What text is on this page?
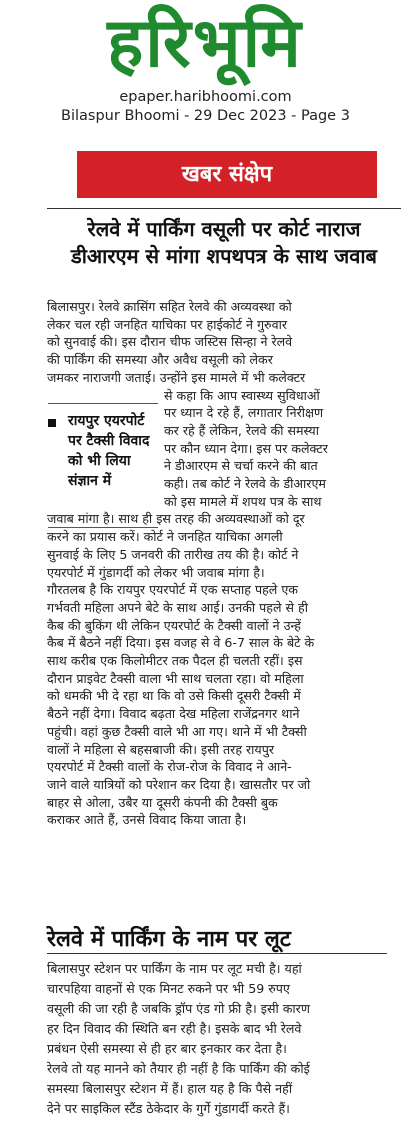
हरिभूमि
epaper.haribhoomi.com
Bilaspur Bhoomi - 29 Dec 2023 - Page 3
खबर संक्षेप
रेलवे में पार्किंग वसूली पर कोर्ट नाराज
डीआरएम से मांगा शपथपत्र के साथ जवाब
बिलासपुर। रेलवे क्रासिंग सहित रेलवे की अव्यवस्था को
लेकर चल रही जनहित याचिका पर हाईकोर्ट ने गुरुवार
को सुनवाई की। इस दौरान चीफ जस्टिस सिन्हा ने रेलवे
की पार्किंग की समस्या और अवैध वसूली को लेकर
जमकर नाराजगी जताई। उन्होंने इस मामले में भी कलेक्टर
से कहा कि आप स्वास्थ्य सुविधाओं
पर ध्यान दे रहे हैं, लगातार निरीक्षण
कर रहे हैं लेकिन, रेलवे की समस्या
पर कौन ध्यान देगा। इस पर कलेक्टर
ने डीआरएम से चर्चा करने की बात
कही। तब कोर्ट ने रेलवे के डीआरएम
को इस मामले में शपथ पत्र के साथ
जवाब मांगा है। साथ ही इस तरह की अव्यवस्थाओं को दूर
करने का प्रयास करें। कोर्ट ने जनहित याचिका अगली
सुनवाई के लिए 5 जनवरी की तारीख तय की है। कोर्ट ने
एयरपोर्ट में गुंडागर्दी को लेकर भी जवाब मांगा है।
गौरतलब है कि रायपुर एयरपोर्ट में एक सप्ताह पहले एक
गर्भवती महिला अपने बेटे के साथ आई। उनकी पहले से ही
कैब की बुकिंग थी लेकिन एयरपोर्ट के टैक्सी वालों ने उन्हें
कैब में बैठने नहीं दिया। इस वजह से वे 6-7 साल के बेटे के
साथ करीब एक किलोमीटर तक पैदल ही चलती रहीं। इस
दौरान प्राइवेट टैक्सी वाला भी साथ चलता रहा। वो महिला
को धमकी भी दे रहा था कि वो उसे किसी दूसरी टैक्सी में
बैठने नहीं देगा। विवाद बढ़ता देख महिला राजेंद्रनगर थाने
पहुंची। वहां कुछ टैक्सी वाले भी आ गए। थाने में भी टैक्सी
वालों ने महिला से बहसबाजी की। इसी तरह रायपुर
एयरपोर्ट में टैक्सी वालों के रोज-रोज के विवाद ने आने-
जाने वाले यात्रियों को परेशान कर दिया है। खासतौर पर जो
बाहर से ओला, उबैर या दूसरी कंपनी की टैक्सी बुक
कराकर आते हैं, उनसे विवाद किया जाता है।
रायपुर एयरपोर्ट पर टैक्सी विवाद को भी लिया संज्ञान में
रेलवे में पार्किंग के नाम पर लूट
बिलासपुर स्टेशन पर पार्किंग के नाम पर लूट मची है। यहां
चारपहिया वाहनों से एक मिनट रुकने पर भी 59 रुपए
वसूली की जा रही है जबकि ड्रॉप एंड गो फ्री है। इसी कारण
हर दिन विवाद की स्थिति बन रही है। इसके बाद भी रेलवे
प्रबंधन ऐसी समस्या से ही हर बार इनकार कर देता है।
रेलवे तो यह मानने को तैयार ही नहीं है कि पार्किंग की कोई
समस्या बिलासपुर स्टेशन में हैं। हाल यह है कि पैसे नहीं
देने पर साइकिल स्टैंड ठेकेदार के गुर्गे गुंडागर्दी करते हैं।
